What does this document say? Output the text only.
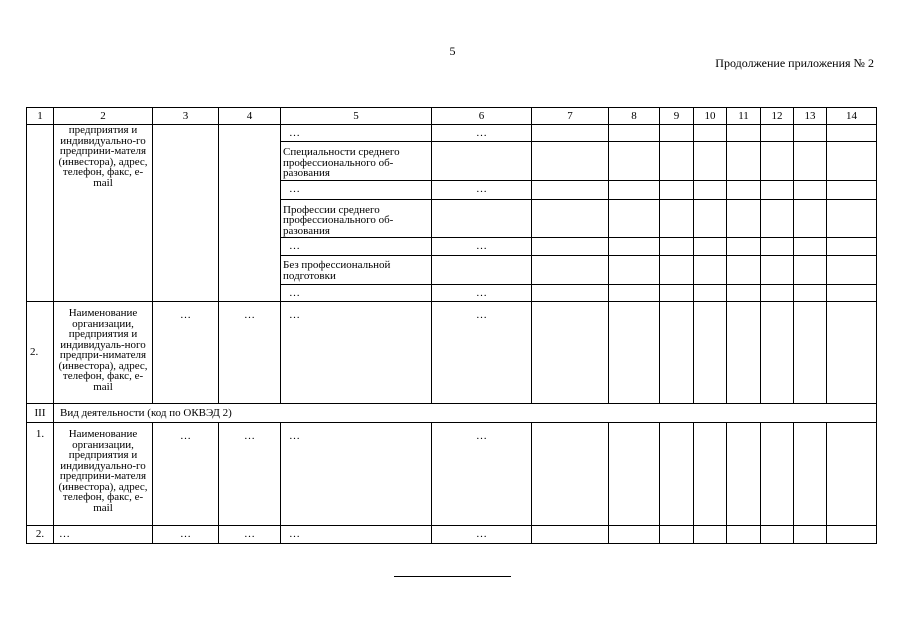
5
Продолжение приложения № 2
1	2	3	4	5	6	7	8	9	10	11	12	13	14	
	предприятия и индивидуально-го предприни-мателя (инвестора), адрес, телефон, факс, e-mail			…	…									
				Специальности среднего профессионального об-разования										
				…	…									
				Профессии среднего профессионального об-разования										
				…	…									
				Без профессиональной подготовки										
				…	…									
2.	Наименование организации, предприятия и индивидуаль-ного предпри-нимателя (инвестора), адрес, телефон, факс, e-mail	…	…	…	…									
III	Вид деятельности (код по ОКВЭД 2)													
1.	Наименование организации, предприятия и индивидуально-го предприни-мателя (инвестора), адрес, телефон, факс, e-mail	…	…	…	…									
2.	…	…	…	…	…									
